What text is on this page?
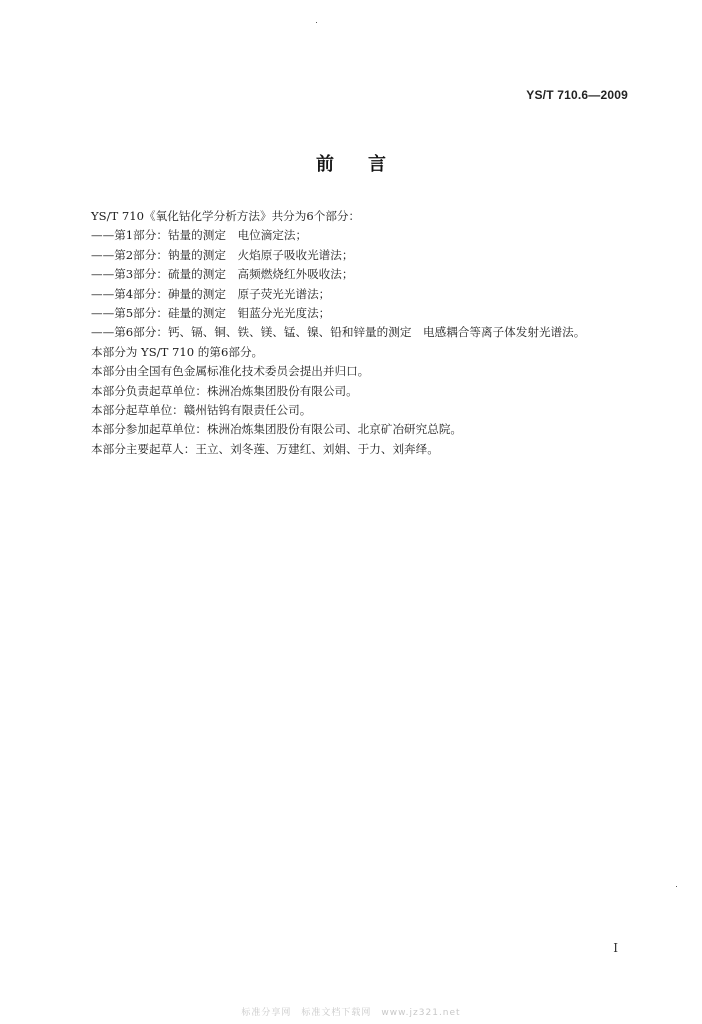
YS/T 710.6—2009
前言
YS/T 710《氧化钴化学分析方法》共分为6个部分：
——第1部分：钴量的测定　电位滴定法；
——第2部分：钠量的测定　火焰原子吸收光谱法；
——第3部分：硫量的测定　高频燃烧红外吸收法；
——第4部分：砷量的测定　原子荧光光谱法；
——第5部分：硅量的测定　钼蓝分光光度法；
——第6部分：钙、镉、铜、铁、镁、锰、镍、铅和锌量的测定　电感耦合等离子体发射光谱法。
本部分为 YS/T 710 的第6部分。
本部分由全国有色金属标准化技术委员会提出并归口。
本部分负责起草单位：株洲冶炼集团股份有限公司。
本部分起草单位：赣州钴钨有限责任公司。
本部分参加起草单位：株洲冶炼集团股份有限公司、北京矿冶研究总院。
本部分主要起草人：王立、刘冬莲、万建红、刘娟、于力、刘奔绎。
I
标准分享网　标准文档下载网　www.jz321.net
